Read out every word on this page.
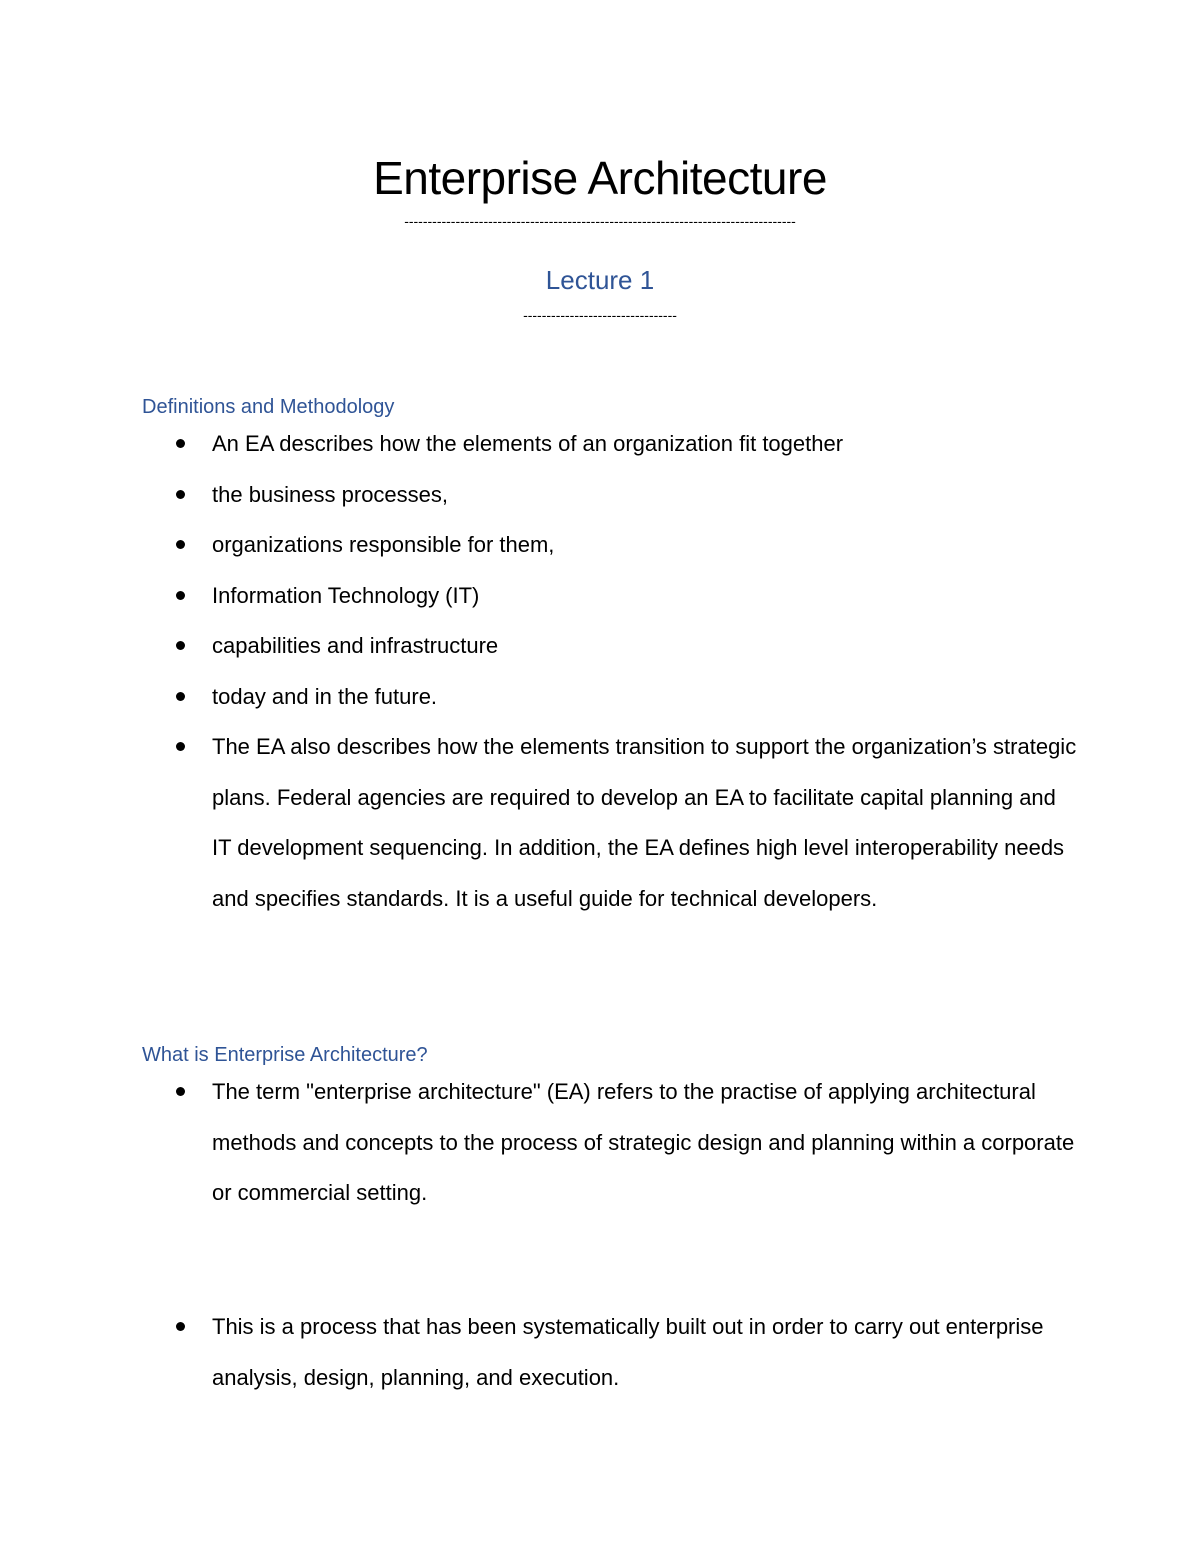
Enterprise Architecture
------------------------------------------------------------------------------------
Lecture 1
---------------------------------
Definitions and Methodology
An EA describes how the elements of an organization fit together
the business processes,
organizations responsible for them,
Information Technology (IT)
capabilities and infrastructure
today and in the future.
The EA also describes how the elements transition to support the organization’s strategic plans. Federal agencies are required to develop an EA to facilitate capital planning and IT development sequencing. In addition, the EA defines high level interoperability needs and specifies standards. It is a useful guide for technical developers.
What is Enterprise Architecture?
The term "enterprise architecture" (EA) refers to the practise of applying architectural methods and concepts to the process of strategic design and planning within a corporate or commercial setting.
This is a process that has been systematically built out in order to carry out enterprise analysis, design, planning, and execution.
